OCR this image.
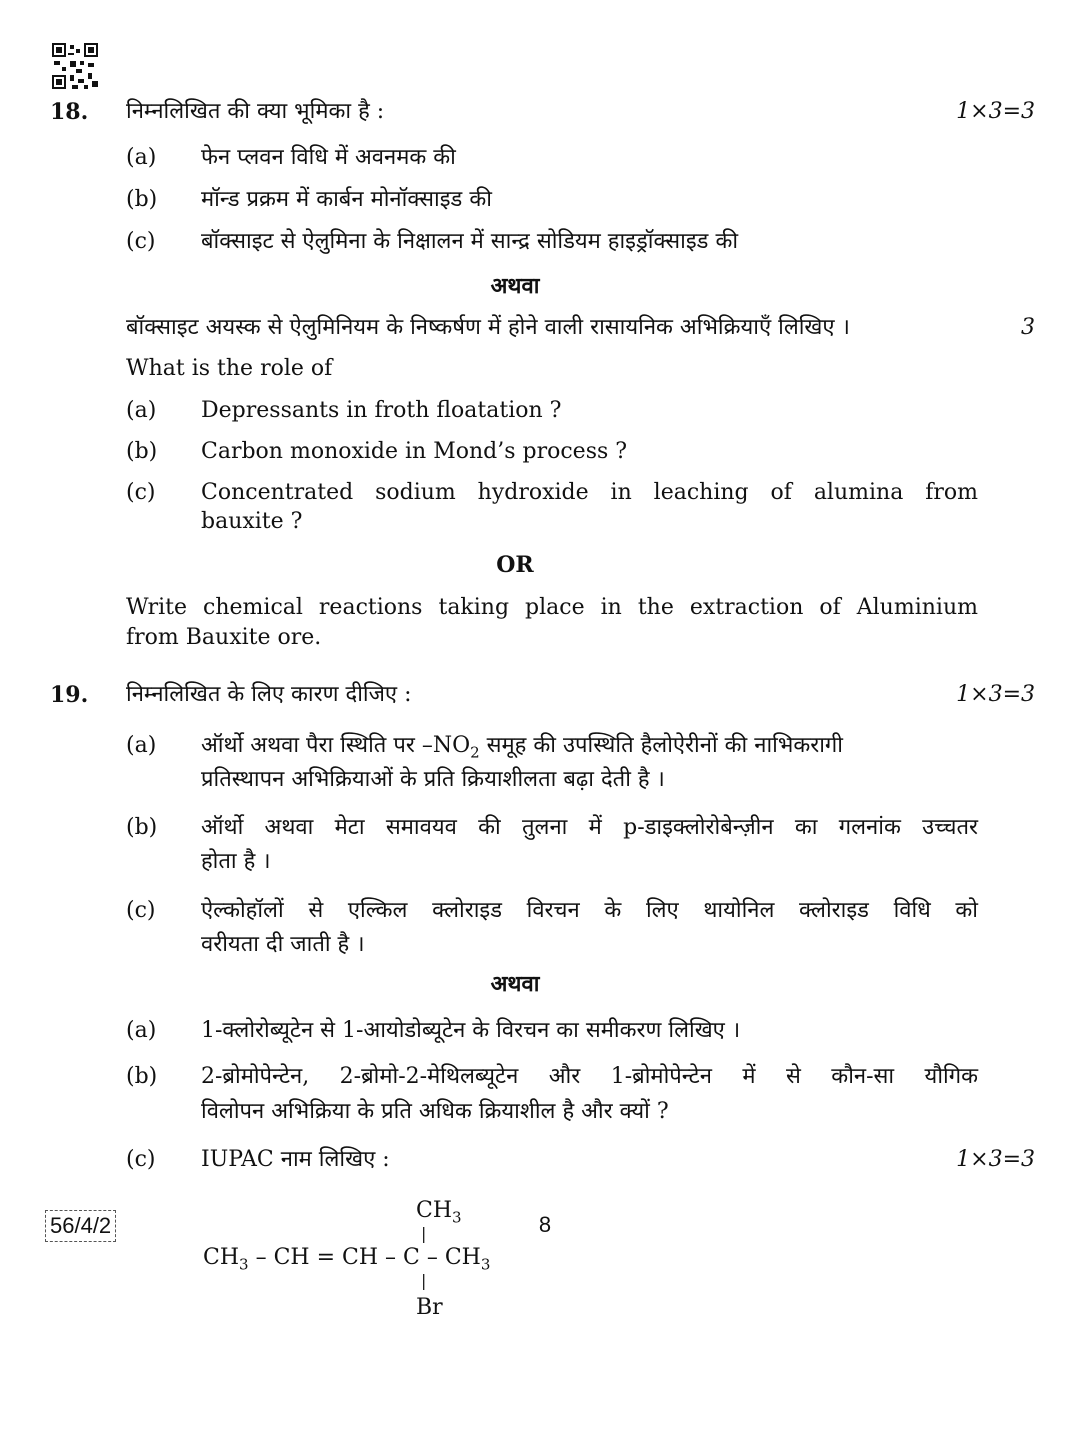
18. निम्नलिखित की क्या भूमिका है :	1×3=3
(a) फेन प्लवन विधि में अवनमक की
(b) मॉन्ड प्रक्रम में कार्बन मोनॉक्साइड की
(c) बॉक्साइट से ऐलुमिना के निक्षालन में सान्द्र सोडियम हाइड्रॉक्साइड की
अथवा
बॉक्साइट अयस्क से ऐलुमिनियम के निष्कर्षण में होने वाली रासायनिक अभिक्रियाएँ लिखिए ।	3
What is the role of
(a) Depressants in froth floatation ?
(b) Carbon monoxide in Mond’s process ?
(c) Concentrated sodium hydroxide in leaching of alumina from
bauxite ?
OR
Write chemical reactions taking place in the extraction of Aluminium
from Bauxite ore.
19. निम्नलिखित के लिए कारण दीजिए :	1×3=3
(a) ऑर्थो अथवा पैरा स्थिति पर $-NO_2$ समूह की उपस्थिति हैलोऐरीनों की नाभिकरागी
प्रतिस्थापन अभिक्रियाओं के प्रति क्रियाशीलता बढ़ा देती है ।
(b) ऑर्थो अथवा मेटा समावयव की तुलना में p-डाइक्लोरोबेन्ज़ीन का गलनांक उच्चतर
होता है ।
(c) ऐल्कोहॉलों से एल्किल क्लोराइड विरचन के लिए थायोनिल क्लोराइड विधि को
वरीयता दी जाती है ।
अथवा
(a) 1-क्लोरोब्यूटेन से 1-आयोडोब्यूटेन के विरचन का समीकरण लिखिए ।
(b) 2-ब्रोमोपेन्टेन, 2-ब्रोमो-2-मेथिलब्यूटेन और 1-ब्रोमोपेन्टेन में से कौन-सा यौगिक
विलोपन अभिक्रिया के प्रति अधिक क्रियाशील है और क्यों ?
(c) IUPAC नाम लिखिए :	1×3=3
$CH_3$
|
$CH_3$ – CH = CH – C – $CH_3$
|
Br
56/4/2	8
